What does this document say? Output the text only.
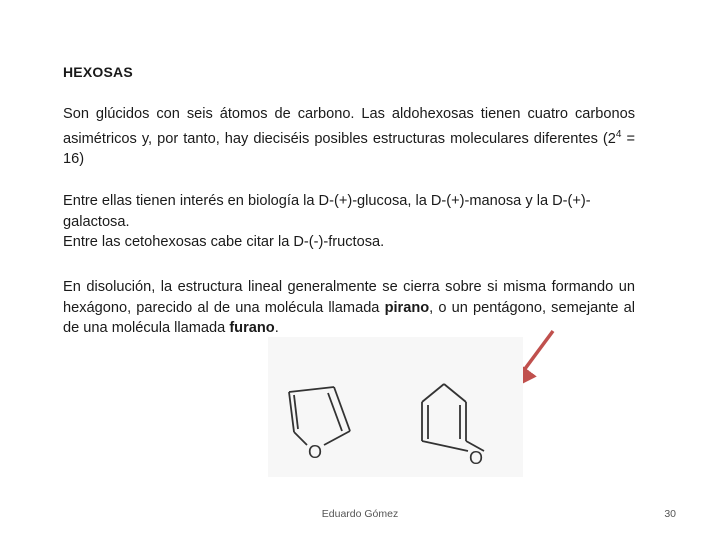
HEXOSAS

Son glúcidos con seis átomos de carbono. Las aldohexosas tienen cuatro carbonos asimétricos y, por tanto, hay dieciséis posibles estructuras moleculares diferentes $(2^4 = 16)$

Entre ellas tienen interés en biología la D-(+)-glucosa, la D-(+)-manosa y la D-(+)-galactosa.
Entre las cetohexosas cabe citar la D-(-)-fructosa.

En disolución, la estructura lineal generalmente se cierra sobre si misma formando un hexágono, parecido al de una molécula llamada pirano, o un pentágono, semejante al de una molécula llamada furano.

O	O
Eduardo Gómez	30
